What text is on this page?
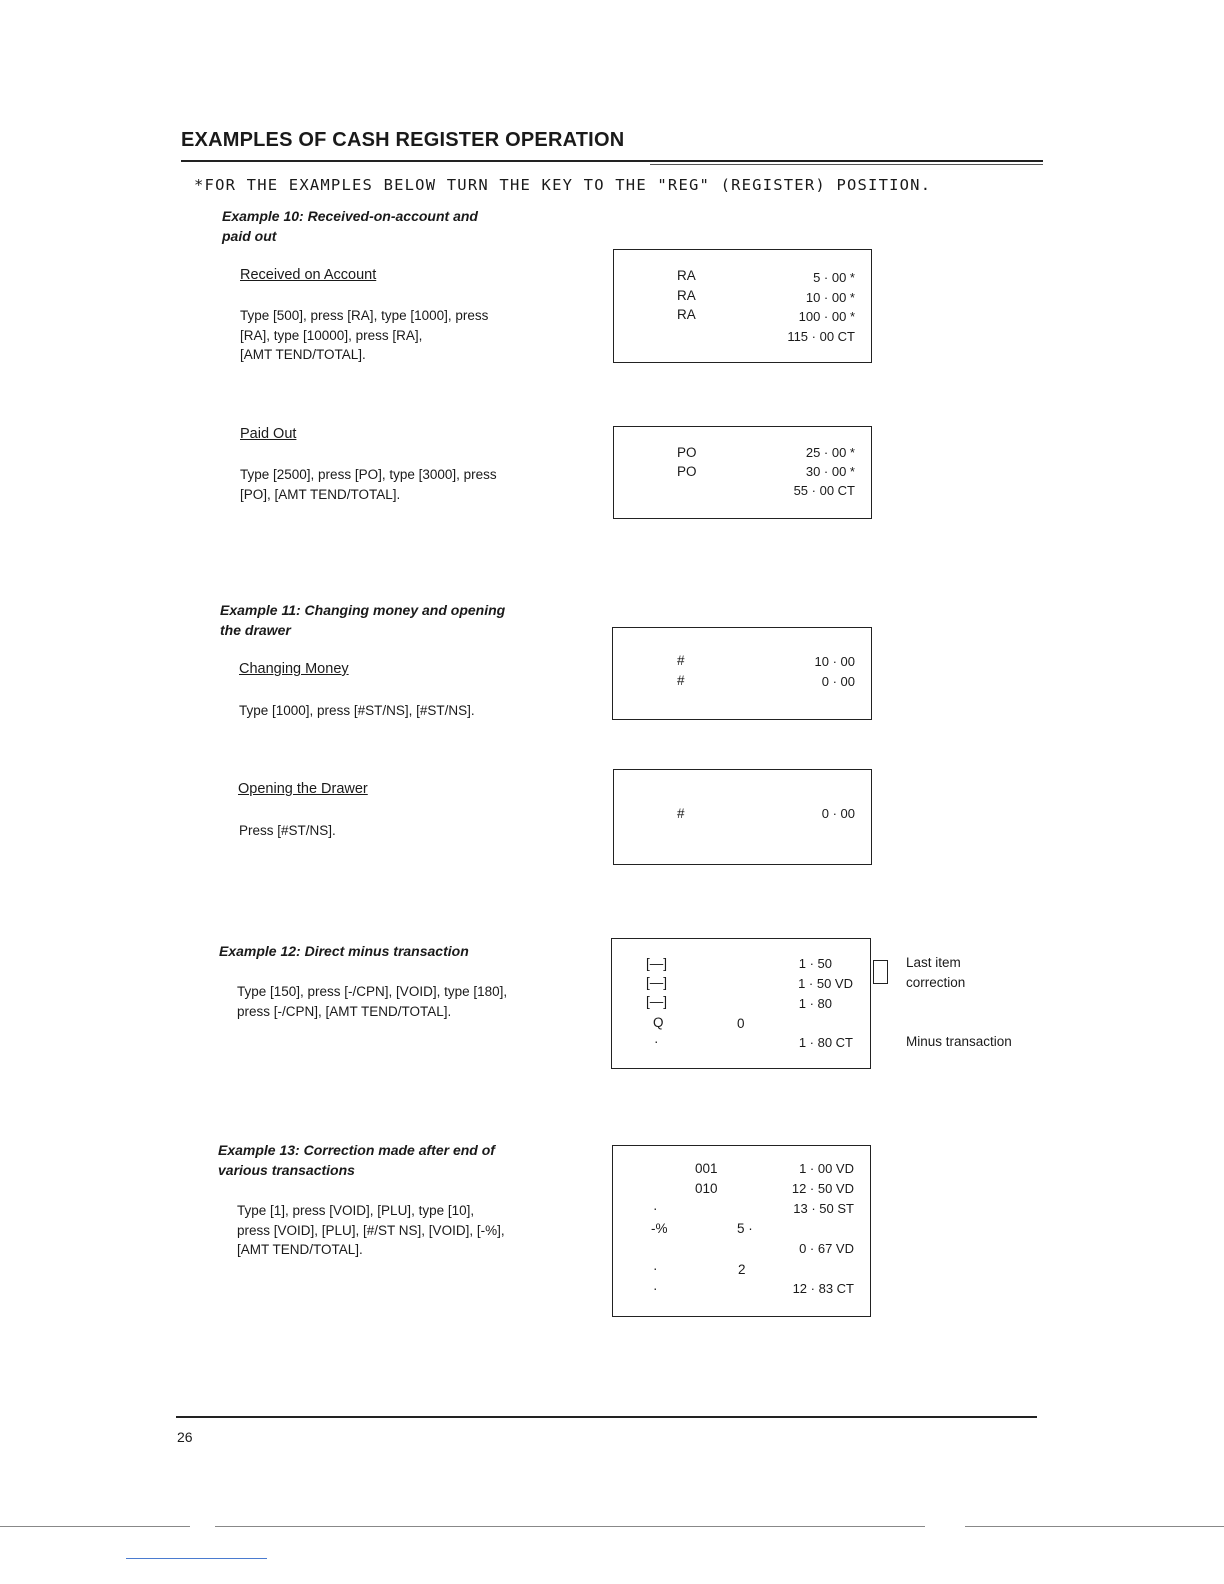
EXAMPLES OF CASH REGISTER OPERATION
*FOR THE EXAMPLES BELOW TURN THE KEY TO THE "REG" (REGISTER) POSITION.
Example 10: Received-on-account and
paid out
Received on Account
Type [500], press [RA], type [1000], press
[RA], type [10000], press [RA],
[AMT TEND/TOTAL].
RA	5 · 00 *
RA	10 · 00 *
RA	100 · 00 *
115 · 00 CT
Paid Out
Type [2500], press [PO], type [3000], press
[PO], [AMT TEND/TOTAL].
PO	25 · 00 *
PO	30 · 00 *
55 · 00 CT
Example 11: Changing money and opening
the drawer
Changing Money
Type [1000], press [#ST/NS], [#ST/NS].
#	10 · 00
#	0 · 00
Opening the Drawer
Press [#ST/NS].
#	0 · 00
Example 12: Direct minus transaction
Type [150], press [-/CPN], [VOID], type [180],
press [-/CPN], [AMT TEND/TOTAL].
[—]	1 · 50
[—]	1 · 50 VD
[—]	1 · 80
Q	0
·	1 · 80 CT
Last item
correction
Minus transaction
Example 13: Correction made after end of
various transactions
Type [1], press [VOID], [PLU], type [10],
press [VOID], [PLU], [#/ST NS], [VOID], [-%],
[AMT TEND/TOTAL].
001	1 · 00 VD
010	12 · 50 VD
·	13 · 50 ST
-%	5 ·
0 · 67 VD
·	2
·	12 · 83 CT
26
